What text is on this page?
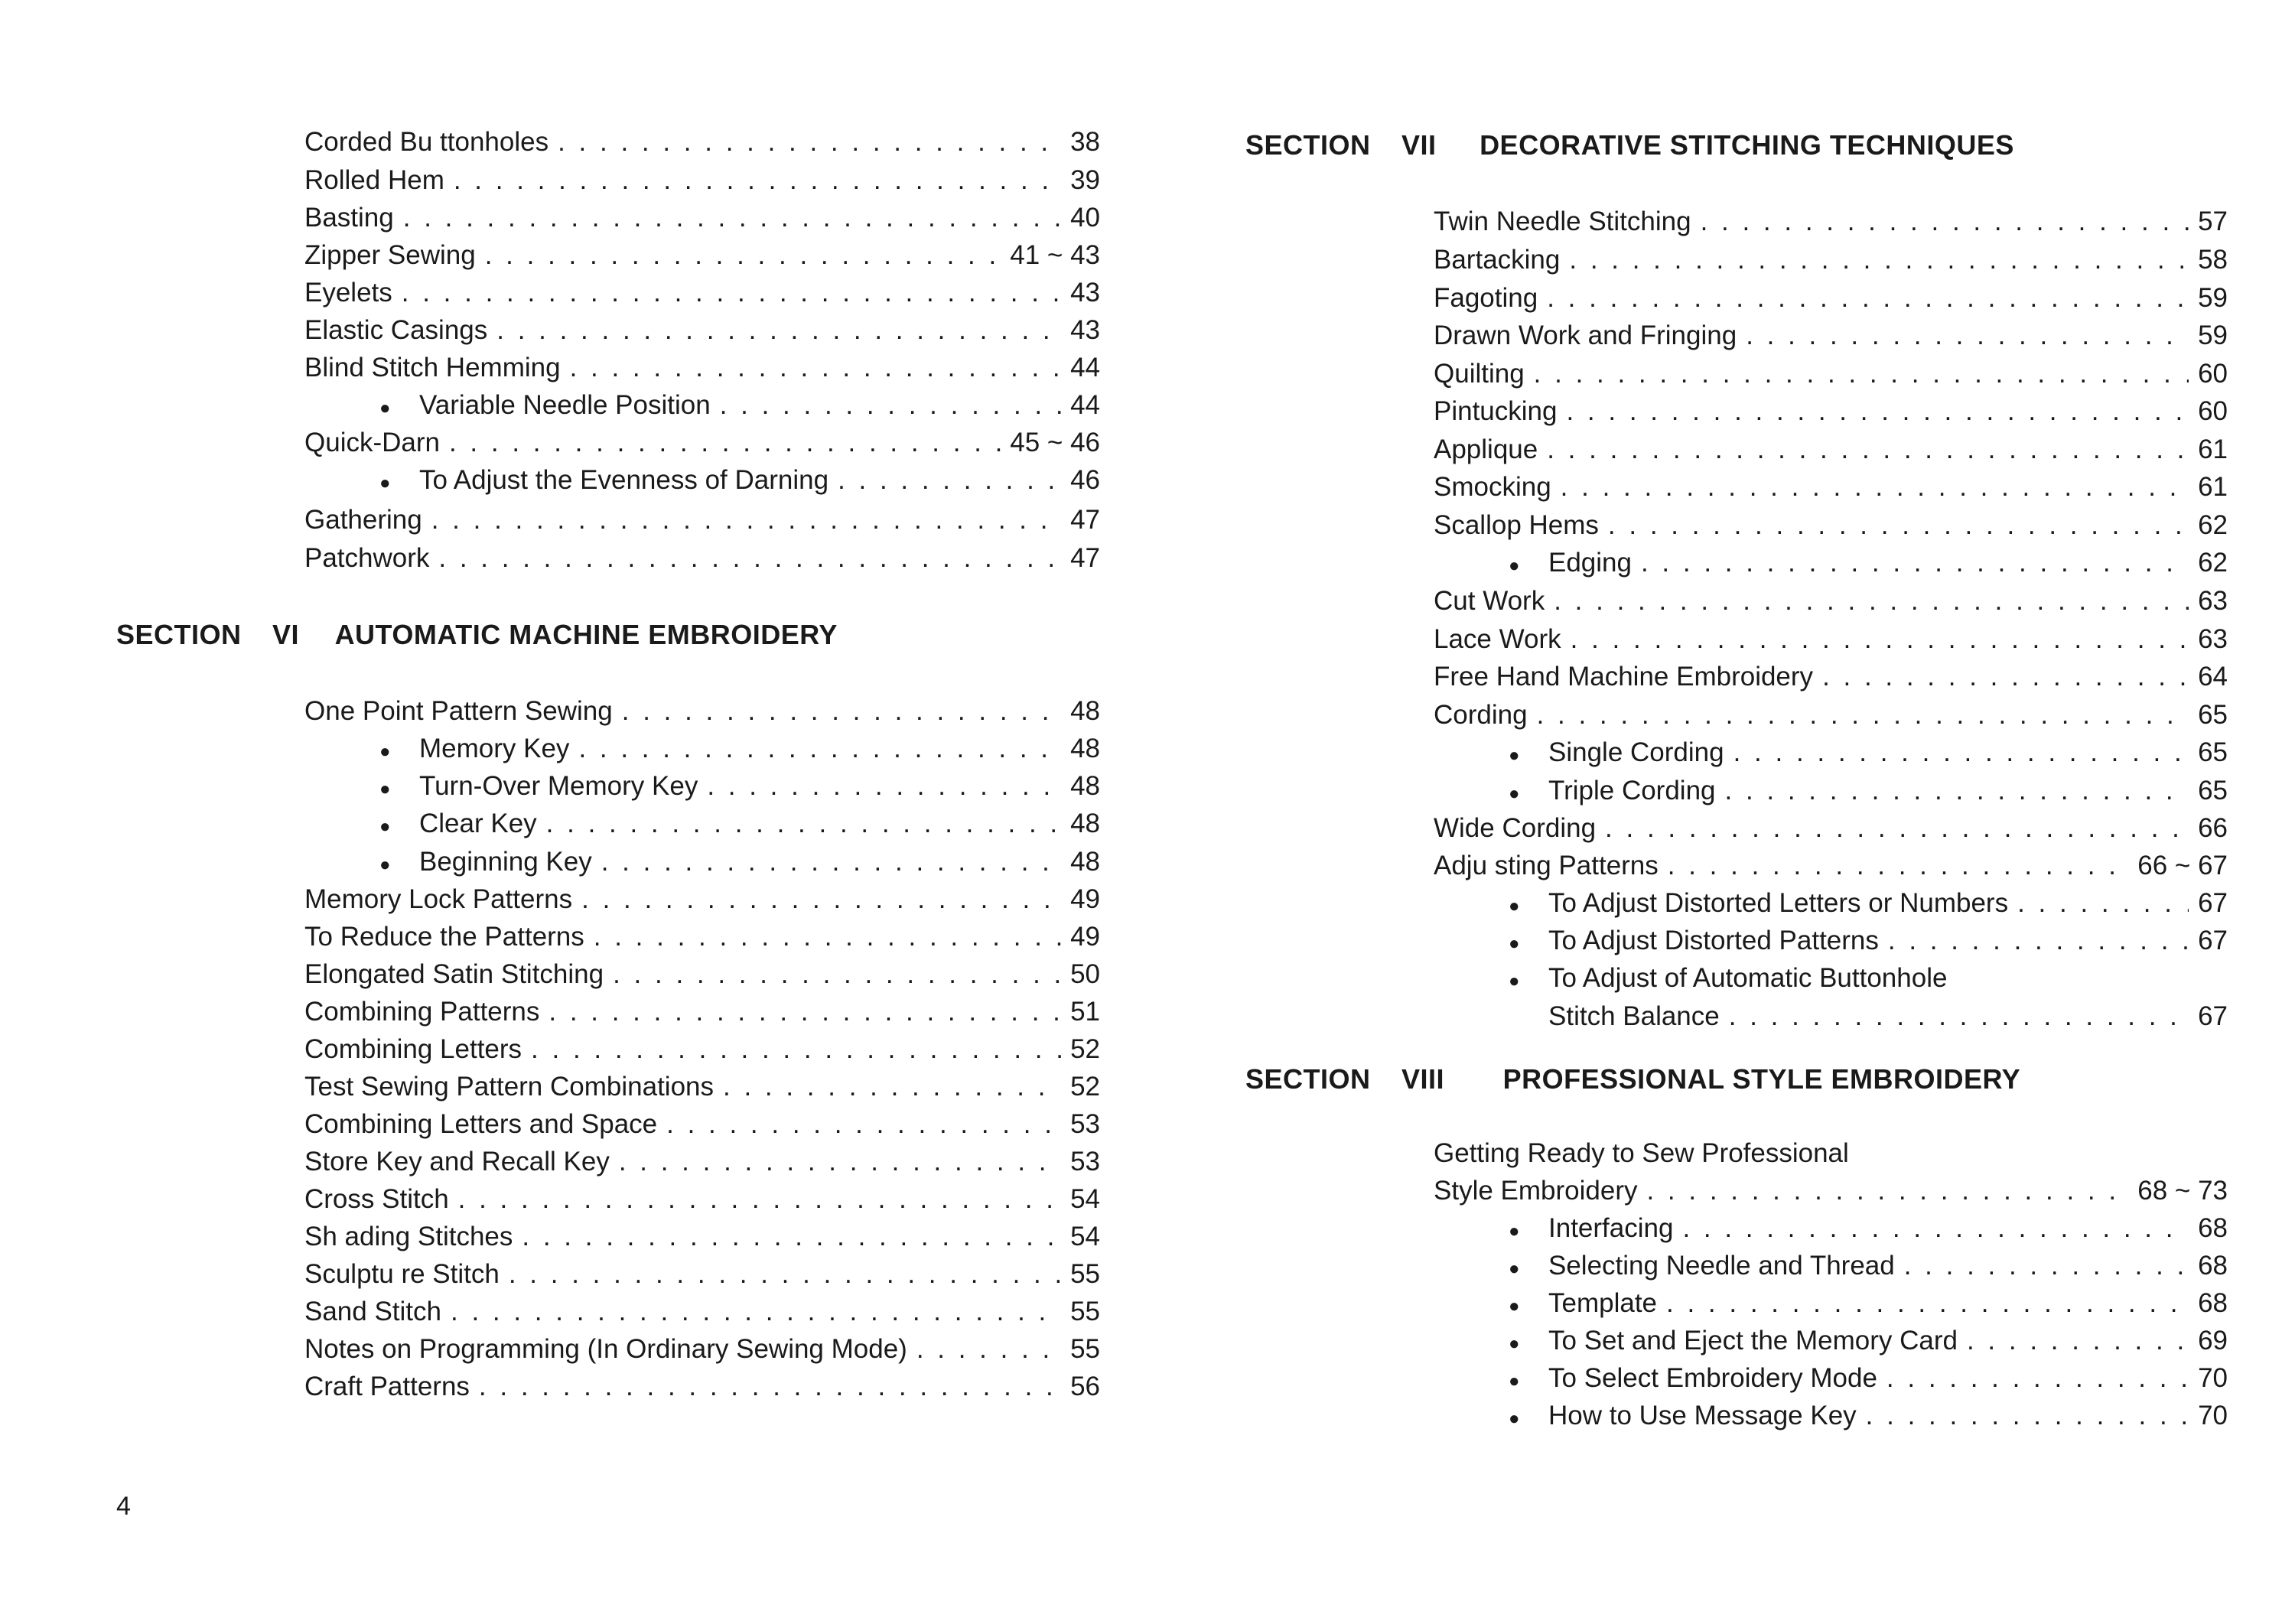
Corded Bu ttonholes . . .	38
Rolled Hem . . .	39
Basting . . .	40
Zipper Sewing . . .	41 ~ 43
Eyelets . . .	43
Elastic Casings . . .	43
Blind Stitch Hemming . . .	44
● Variable Needle Position . . .	44
Quick-Darn . . .	45 ~ 46
● To Adjust the Evenness of Darning . . .	46
Gathering . . .	47
Patchwork . . .	47
SECTION VI AUTOMATIC MACHINE EMBROIDERY
One Point Pattern Sewing . . .	48
● Memory Key . . .	48
● Turn-Over Memory Key . . .	48
● Clear Key . . .	48
● Beginning Key . . .	48
Memory Lock Patterns . . .	49
To Reduce the Patterns . . .	49
Elongated Satin Stitching . . .	50
Combining Patterns . . .	51
Combining Letters . . .	52
Test Sewing Pattern Combinations . . .	52
Combining Letters and Space . . .	53
Store Key and Recall Key . . .	53
Cross Stitch . . .	54
Sh ading Stitches . . .	54
Sculptu re Stitch . . .	55
Sand Stitch . . .	55
Notes on Programming (In Ordinary Sewing Mode) . . .	55
Craft Patterns . . .	56
SECTION VII DECORATIVE STITCHING TECHNIQUES
Twin Needle Stitching . . .	57
Bartacking . . .	58
Fagoting . . .	59
Drawn Work and Fringing . . .	59
Quilting . . .	60
Pintucking . . .	60
Applique . . .	61
Smocking . . .	61
Scallop Hems . . .	62
● Edging . . .	62
Cut Work . . .	63
Lace Work . . .	63
Free Hand Machine Embroidery . . .	64
Cording . . .	65
● Single Cording . . .	65
● Triple Cording . . .	65
Wide Cording . . .	66
Adju sting Patterns . . .	66 ~ 67
● To Adjust Distorted Letters or Numbers . . .	67
● To Adjust Distorted Patterns . . .	67
● To Adjust of Automatic Buttonhole
Stitch Balance . . .	67
SECTION VIII PROFESSIONAL STYLE EMBROIDERY
Getting Ready to Sew Professional
Style Embroidery . . .	68 ~ 73
● Interfacing . . .	68
● Selecting Needle and Thread . . .	68
● Template . . .	68
● To Set and Eject the Memory Card . . .	69
● To Select Embroidery Mode . . .	70
● How to Use Message Key . . .	70
4
